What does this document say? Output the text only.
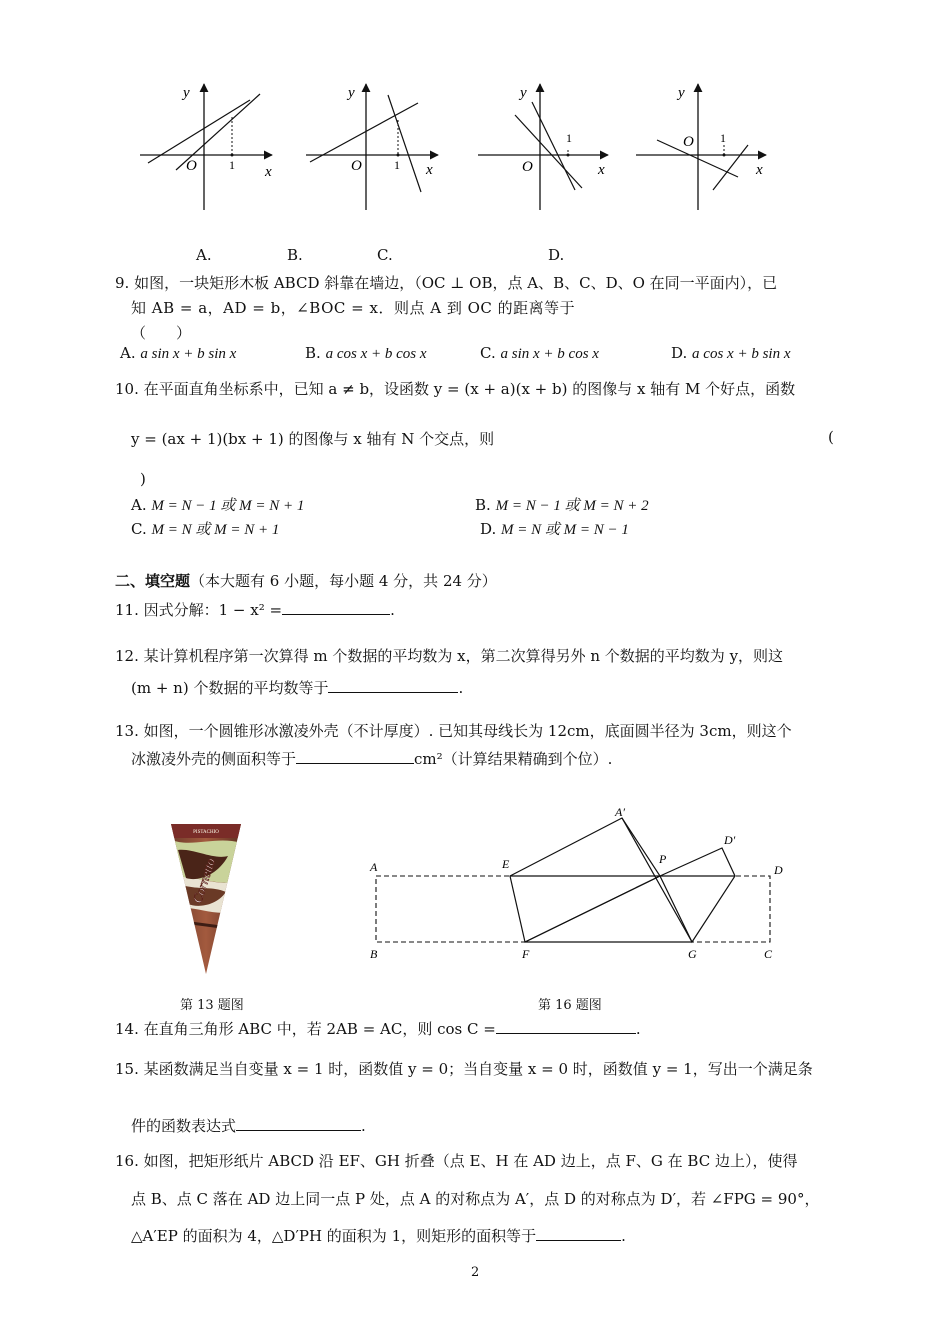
y
x
O	1
y
x
O	1
y
x
O
1
y
x
O 1
A.	B.	C.	D.
9. 如图，一块矩形木板 ABCD 斜靠在墙边，（OC ⊥ OB，点 A、B、C、D、O 在同一平面内），已
知 AB = a，AD = b，∠BOC = x．则点 A 到 OC 的距离等于
（　　）
A. a sin x + b sin x	B. a cos x + b cos x	C. a sin x + b cos x	D. a cos x + b sin x
10. 在平面直角坐标系中，已知 a ≠ b，设函数 y = (x + a)(x + b) 的图像与 x 轴有 M 个好点，函数
y = (ax + 1)(bx + 1) 的图像与 x 轴有 N 个交点，则	(
)
A. M = N − 1 或 M = N + 1	B. M = N − 1 或 M = N + 2
C. M = N 或 M = N + 1	D. M = N 或 M = N − 1
二、填空题（本大题有 6 小题，每小题 4 分，共 24 分）
11. 因式分解：1 − x² =	.
12. 某计算机程序第一次算得 m 个数据的平均数为 x，第二次算得另外 n 个数据的平均数为 y，则这
(m + n) 个数据的平均数等于	.
13. 如图，一个圆锥形冰激凌外壳（不计厚度）. 已知其母线长为 12cm，底面圆半径为 3cm，则这个
冰激凌外壳的侧面积等于	cm²（计算结果精确到个位）.
PISTACHIO
Cornetto	A
B	C
D
E
F	G
P
A′
D′
第 13 题图	第 16 题图
14. 在直角三角形 ABC 中，若 2AB = AC，则 cos C =	.
15. 某函数满足当自变量 x = 1 时，函数值 y = 0；当自变量 x = 0 时，函数值 y = 1，写出一个满足条
件的函数表达式	.
16. 如图，把矩形纸片 ABCD 沿 EF、GH 折叠（点 E、H 在 AD 边上，点 F、G 在 BC 边上），使得
点 B、点 C 落在 AD 边上同一点 P 处，点 A 的对称点为 A′，点 D 的对称点为 D′，若 ∠FPG = 90°，
△A′EP 的面积为 4，△D′PH 的面积为 1，则矩形的面积等于	.
2
